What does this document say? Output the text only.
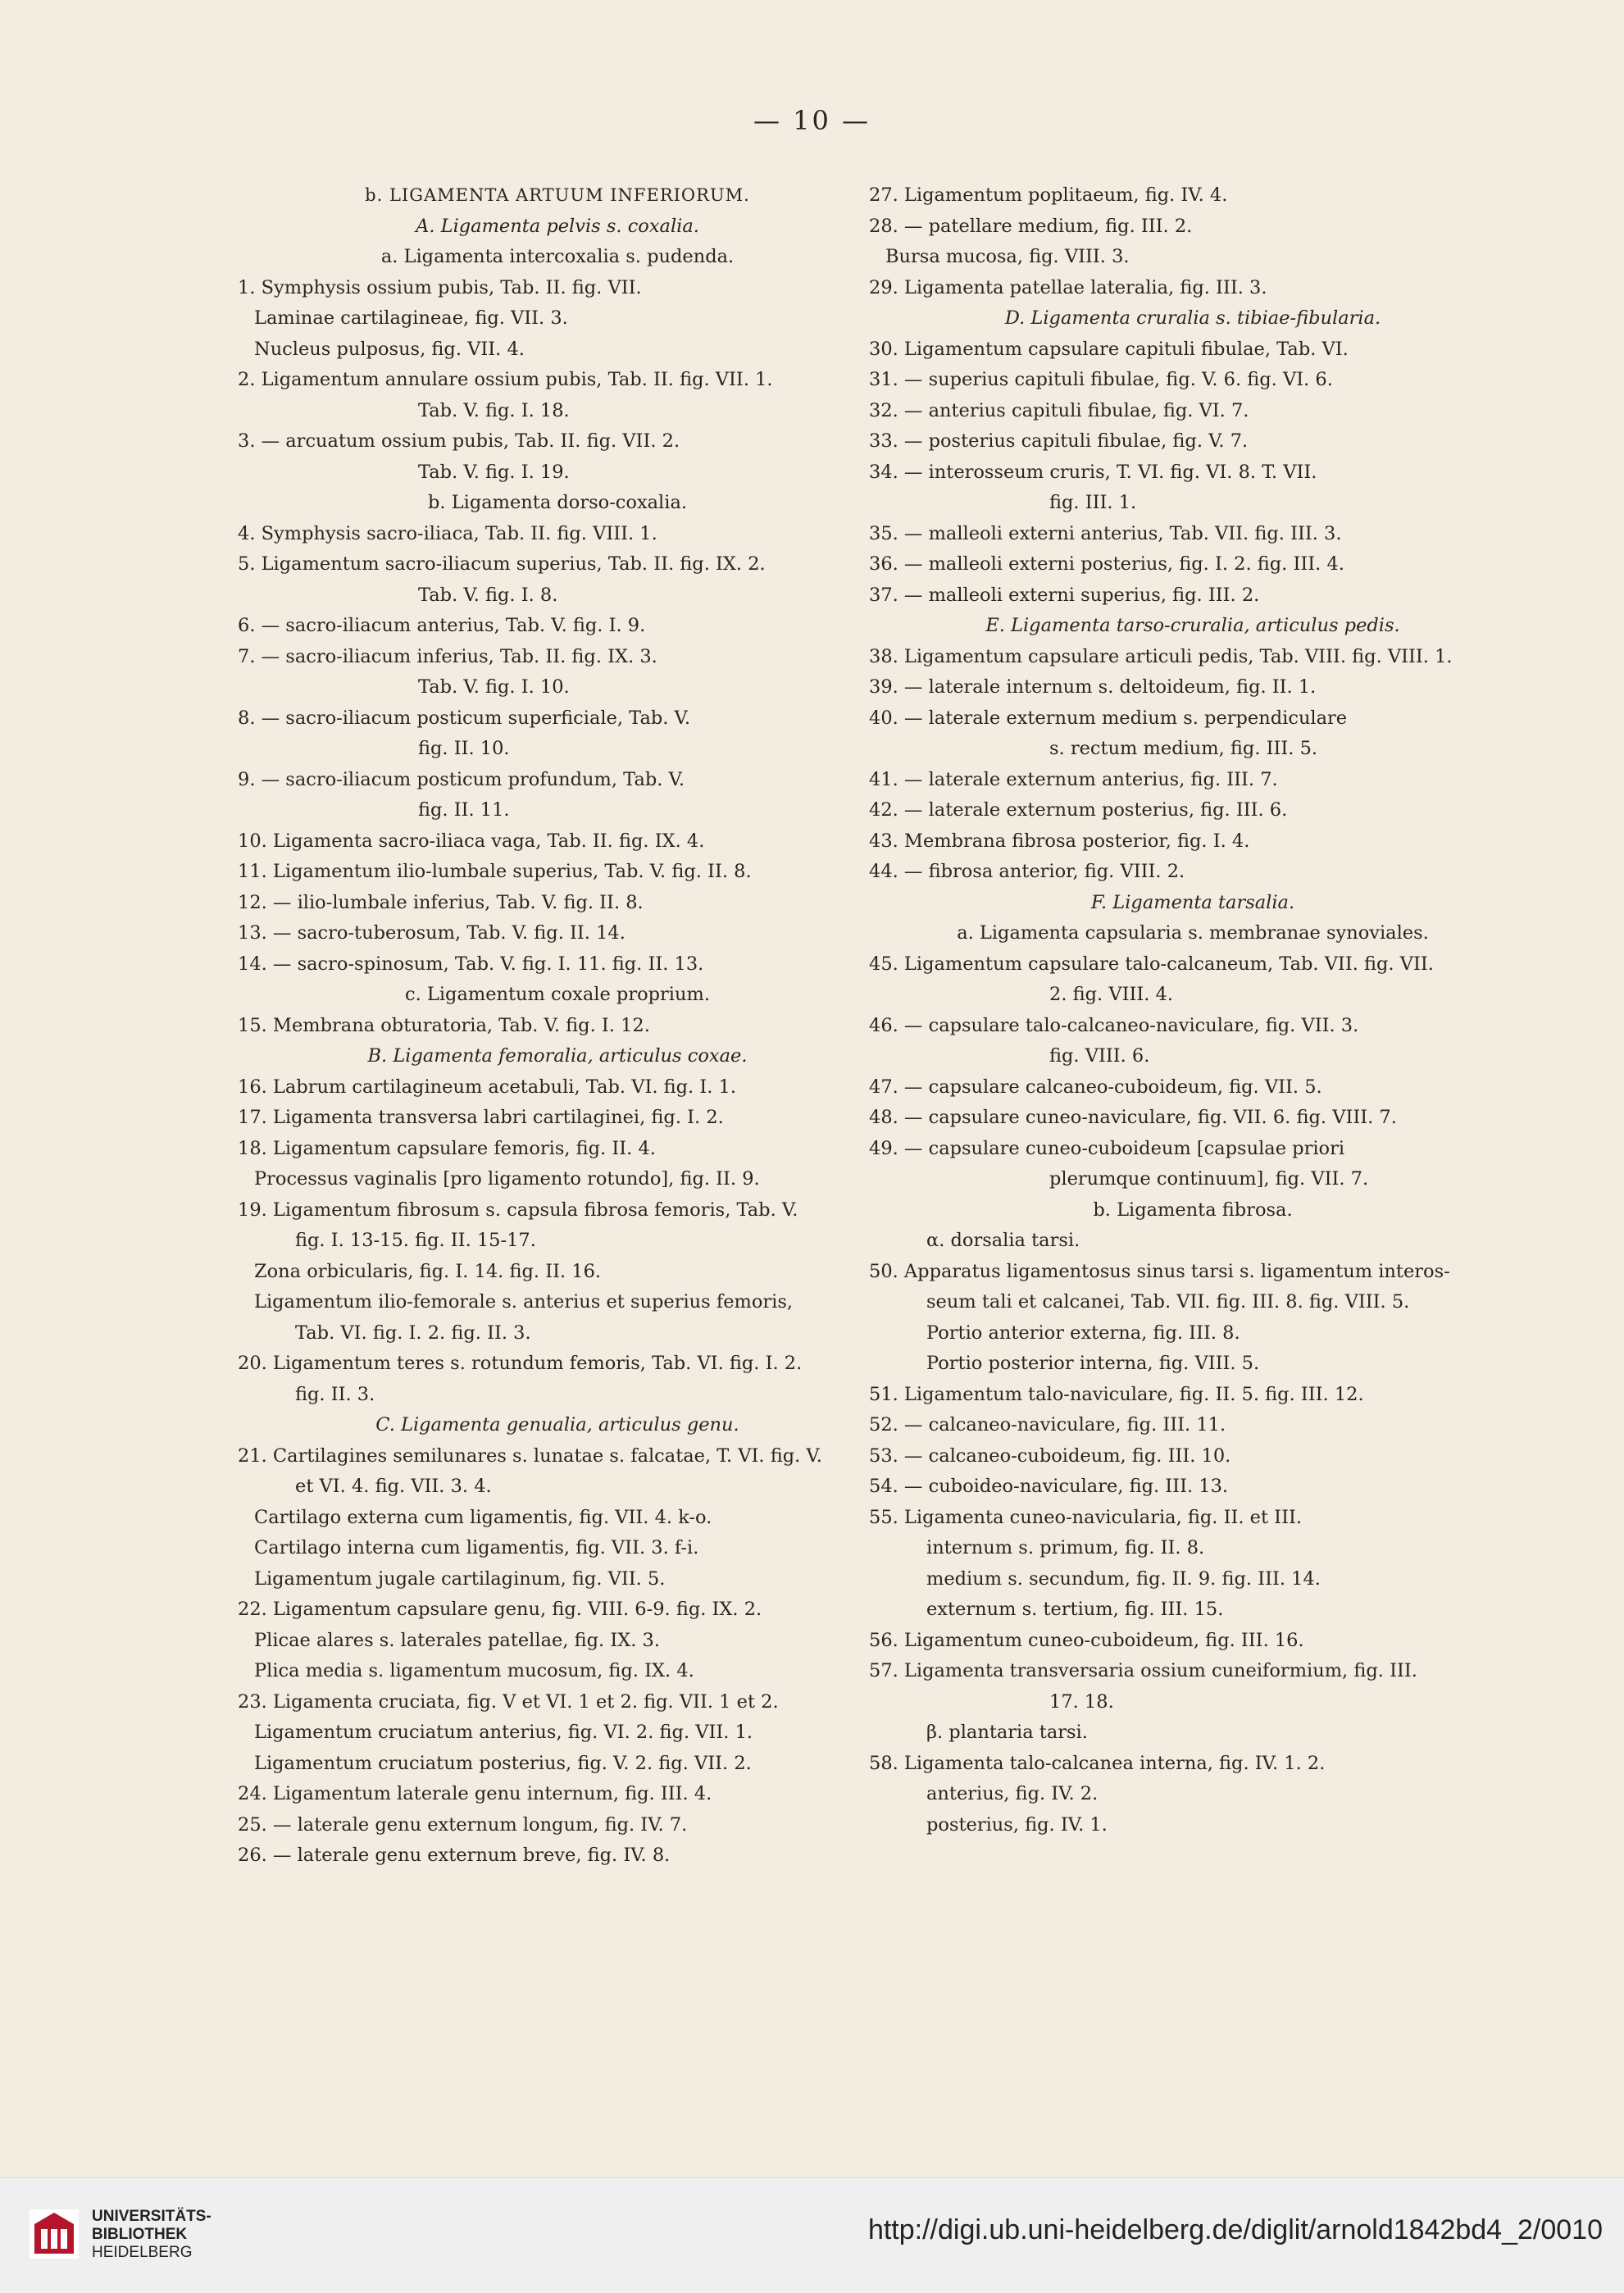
— 10 —
b. LIGAMENTA ARTUUM INFERIORUM.
A. Ligamenta pelvis s. coxalia.
a. Ligamenta intercoxalia s. pudenda.
1. Symphysis ossium pubis, Tab. II. fig. VII.
Laminae cartilagineae, fig. VII. 3.
Nucleus pulposus, fig. VII. 4.
2. Ligamentum annulare ossium pubis, Tab. II. fig. VII. 1.
Tab. V. fig. I. 18.
3. — arcuatum ossium pubis, Tab. II. fig. VII. 2.
Tab. V. fig. I. 19.
b. Ligamenta dorso-coxalia.
4. Symphysis sacro-iliaca, Tab. II. fig. VIII. 1.
5. Ligamentum sacro-iliacum superius, Tab. II. fig. IX. 2.
Tab. V. fig. I. 8.
6. — sacro-iliacum anterius, Tab. V. fig. I. 9.
7. — sacro-iliacum inferius, Tab. II. fig. IX. 3.
Tab. V. fig. I. 10.
8. — sacro-iliacum posticum superficiale, Tab. V.
fig. II. 10.
9. — sacro-iliacum posticum profundum, Tab. V.
fig. II. 11.
10. Ligamenta sacro-iliaca vaga, Tab. II. fig. IX. 4.
11. Ligamentum ilio-lumbale superius, Tab. V. fig. II. 8.
12. — ilio-lumbale inferius, Tab. V. fig. II. 8.
13. — sacro-tuberosum, Tab. V. fig. II. 14.
14. — sacro-spinosum, Tab. V. fig. I. 11. fig. II. 13.
c. Ligamentum coxale proprium.
15. Membrana obturatoria, Tab. V. fig. I. 12.
B. Ligamenta femoralia, articulus coxae.
16. Labrum cartilagineum acetabuli, Tab. VI. fig. I. 1.
17. Ligamenta transversa labri cartilaginei, fig. I. 2.
18. Ligamentum capsulare femoris, fig. II. 4.
Processus vaginalis [pro ligamento rotundo], fig. II. 9.
19. Ligamentum fibrosum s. capsula fibrosa femoris, Tab. V.
fig. I. 13-15. fig. II. 15-17.
Zona orbicularis, fig. I. 14. fig. II. 16.
Ligamentum ilio-femorale s. anterius et superius femoris,
Tab. VI. fig. I. 2. fig. II. 3.
20. Ligamentum teres s. rotundum femoris, Tab. VI. fig. I. 2.
fig. II. 3.
C. Ligamenta genualia, articulus genu.
21. Cartilagines semilunares s. lunatae s. falcatae, T. VI. fig. V.
et VI. 4. fig. VII. 3. 4.
Cartilago externa cum ligamentis, fig. VII. 4. k-o.
Cartilago interna cum ligamentis, fig. VII. 3. f-i.
Ligamentum jugale cartilaginum, fig. VII. 5.
22. Ligamentum capsulare genu, fig. VIII. 6-9. fig. IX. 2.
Plicae alares s. laterales patellae, fig. IX. 3.
Plica media s. ligamentum mucosum, fig. IX. 4.
23. Ligamenta cruciata, fig. V et VI. 1 et 2. fig. VII. 1 et 2.
Ligamentum cruciatum anterius, fig. VI. 2. fig. VII. 1.
Ligamentum cruciatum posterius, fig. V. 2. fig. VII. 2.
24. Ligamentum laterale genu internum, fig. III. 4.
25. — laterale genu externum longum, fig. IV. 7.
26. — laterale genu externum breve, fig. IV. 8.
27. Ligamentum poplitaeum, fig. IV. 4.
28. — patellare medium, fig. III. 2.
Bursa mucosa, fig. VIII. 3.
29. Ligamenta patellae lateralia, fig. III. 3.
D. Ligamenta cruralia s. tibiae-fibularia.
30. Ligamentum capsulare capituli fibulae, Tab. VI.
31. — superius capituli fibulae, fig. V. 6. fig. VI. 6.
32. — anterius capituli fibulae, fig. VI. 7.
33. — posterius capituli fibulae, fig. V. 7.
34. — interosseum cruris, T. VI. fig. VI. 8. T. VII.
fig. III. 1.
35. — malleoli externi anterius, Tab. VII. fig. III. 3.
36. — malleoli externi posterius, fig. I. 2. fig. III. 4.
37. — malleoli externi superius, fig. III. 2.
E. Ligamenta tarso-cruralia, articulus pedis.
38. Ligamentum capsulare articuli pedis, Tab. VIII. fig. VIII. 1.
39. — laterale internum s. deltoideum, fig. II. 1.
40. — laterale externum medium s. perpendiculare
s. rectum medium, fig. III. 5.
41. — laterale externum anterius, fig. III. 7.
42. — laterale externum posterius, fig. III. 6.
43. Membrana fibrosa posterior, fig. I. 4.
44. — fibrosa anterior, fig. VIII. 2.
F. Ligamenta tarsalia.
a. Ligamenta capsularia s. membranae synoviales.
45. Ligamentum capsulare talo-calcaneum, Tab. VII. fig. VII.
2. fig. VIII. 4.
46. — capsulare talo-calcaneo-naviculare, fig. VII. 3.
fig. VIII. 6.
47. — capsulare calcaneo-cuboideum, fig. VII. 5.
48. — capsulare cuneo-naviculare, fig. VII. 6. fig. VIII. 7.
49. — capsulare cuneo-cuboideum [capsulae priori
plerumque continuum], fig. VII. 7.
b. Ligamenta fibrosa.
α. dorsalia tarsi.
50. Apparatus ligamentosus sinus tarsi s. ligamentum interos-
seum tali et calcanei, Tab. VII. fig. III. 8. fig. VIII. 5.
Portio anterior externa, fig. III. 8.
Portio posterior interna, fig. VIII. 5.
51. Ligamentum talo-naviculare, fig. II. 5. fig. III. 12.
52. — calcaneo-naviculare, fig. III. 11.
53. — calcaneo-cuboideum, fig. III. 10.
54. — cuboideo-naviculare, fig. III. 13.
55. Ligamenta cuneo-navicularia, fig. II. et III.
internum s. primum, fig. II. 8.
medium s. secundum, fig. II. 9. fig. III. 14.
externum s. tertium, fig. III. 15.
56. Ligamentum cuneo-cuboideum, fig. III. 16.
57. Ligamenta transversaria ossium cuneiformium, fig. III.
17. 18.
β. plantaria tarsi.
58. Ligamenta talo-calcanea interna, fig. IV. 1. 2.
anterius, fig. IV. 2.
posterius, fig. IV. 1.
UNIVERSITÄTS-
BIBLIOTHEK
HEIDELBERG
http://digi.ub.uni-heidelberg.de/diglit/arnold1842bd4_2/0010
